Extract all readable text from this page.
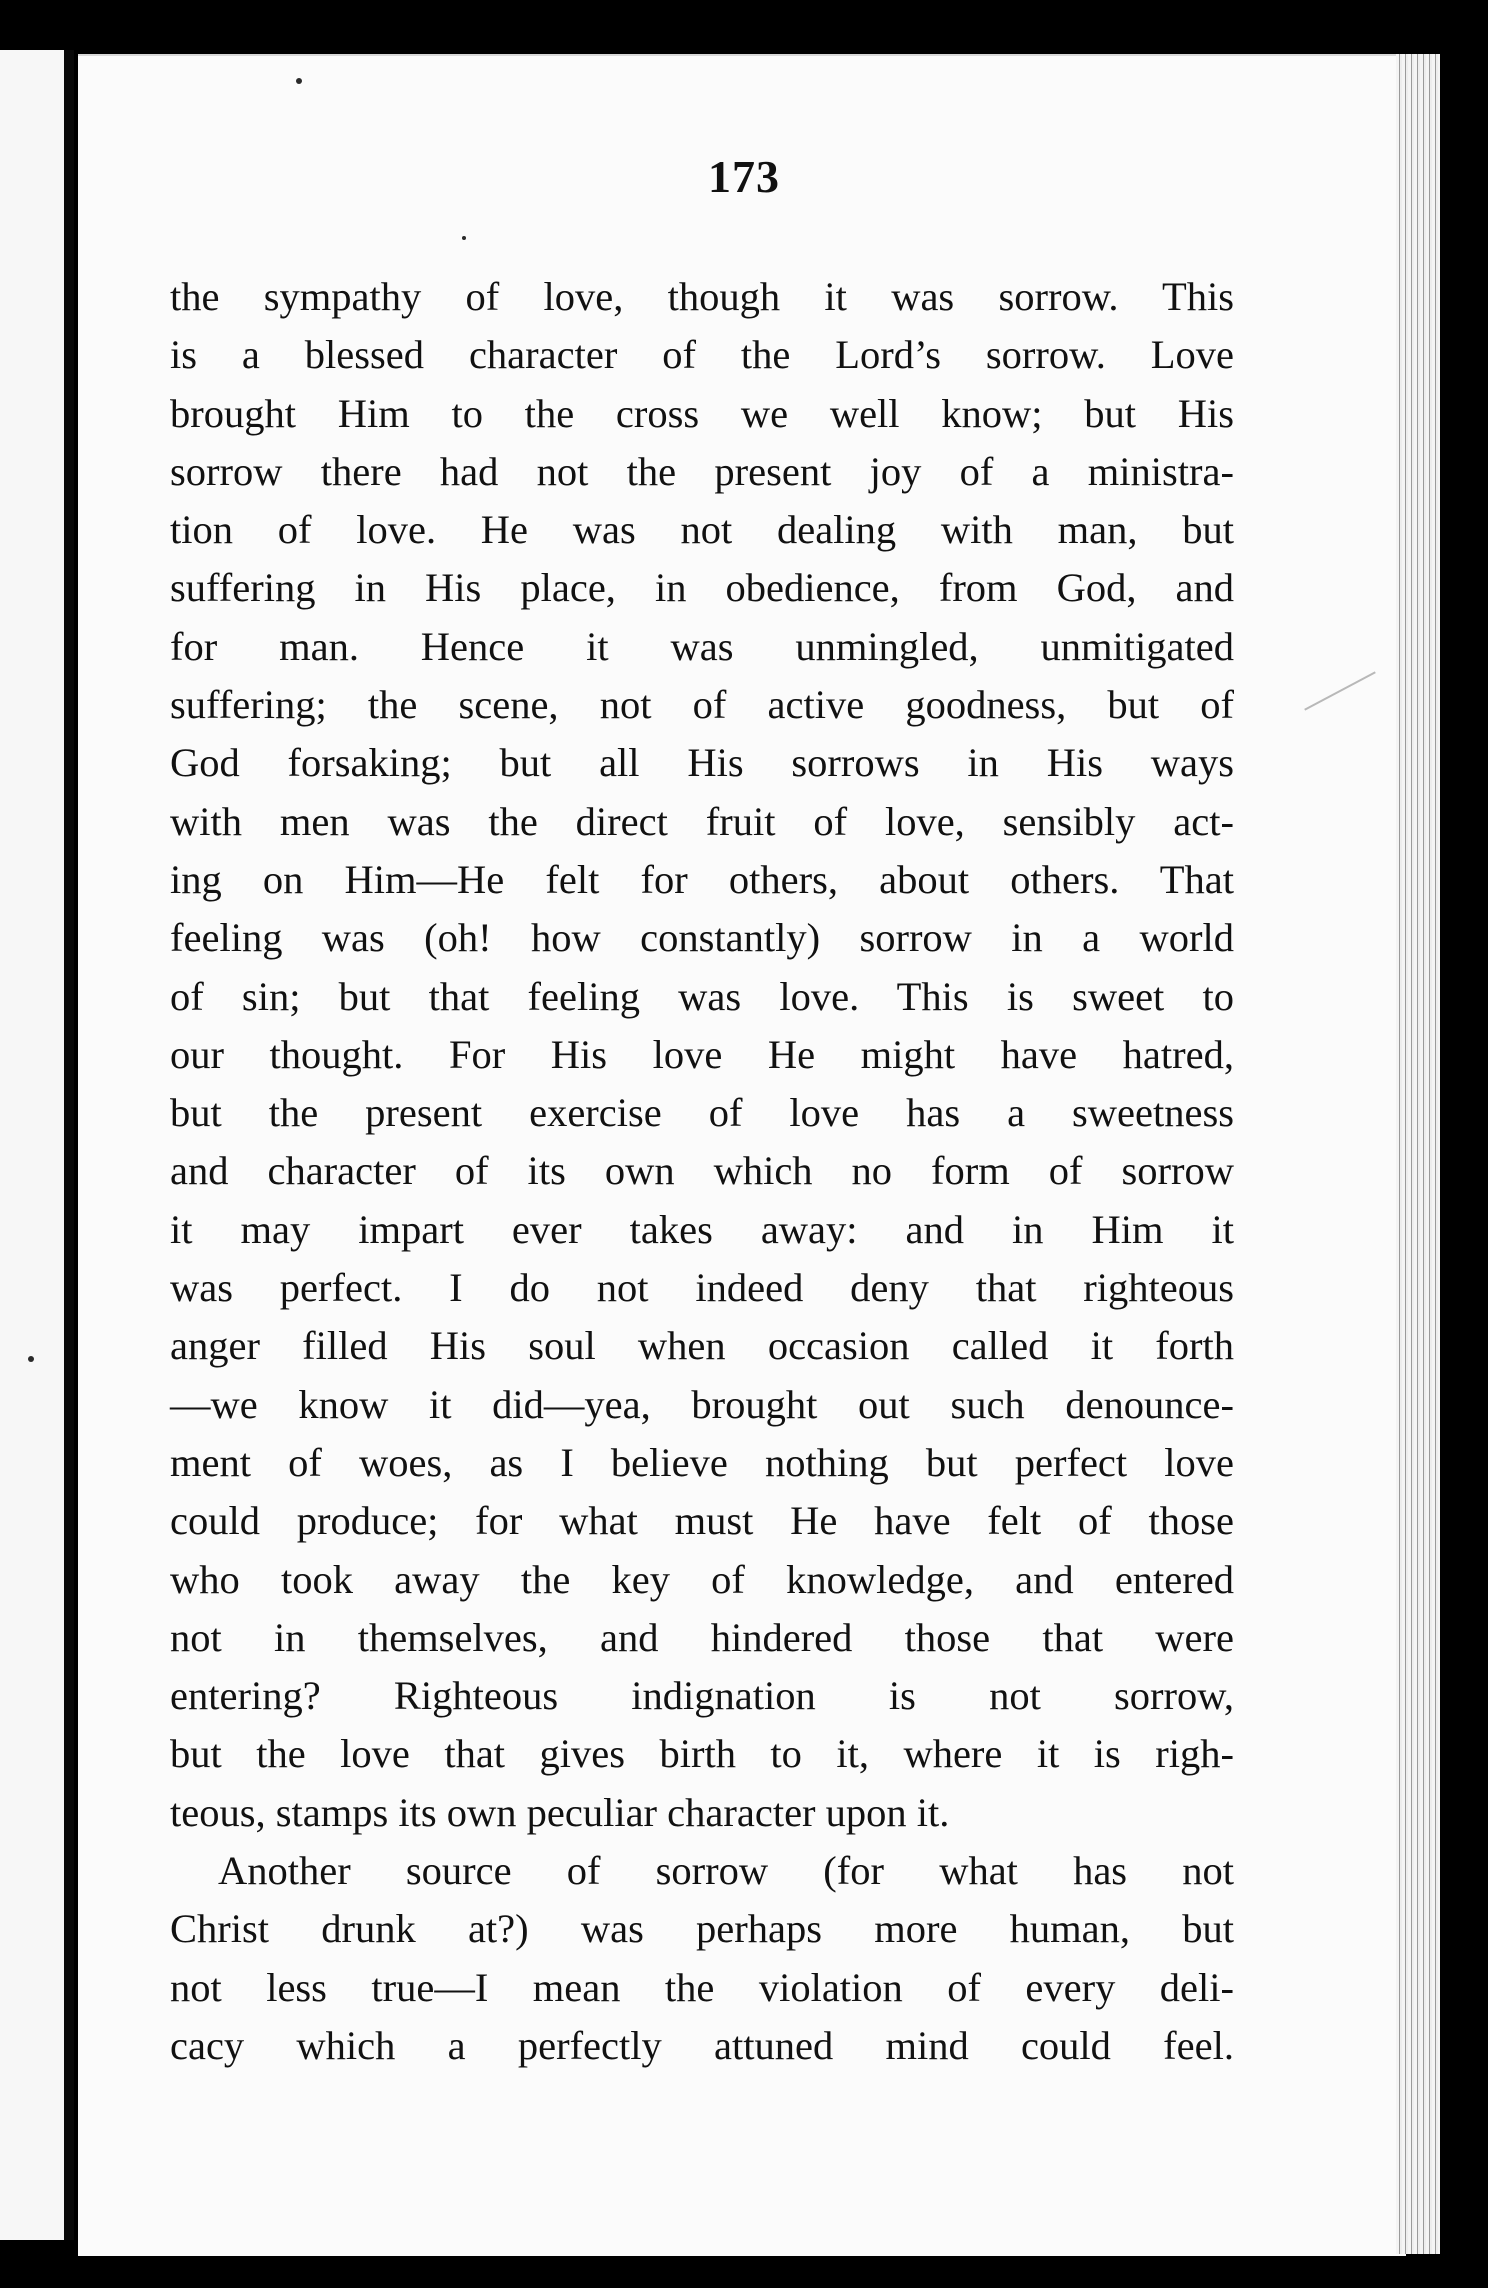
173
the sympathy of love, though it was sorrow. This
is a blessed character of the Lord’s sorrow. Love
brought Him to the cross we well know; but His
sorrow there had not the present joy of a ministra-
tion of love. He was not dealing with man, but
suffering in His place, in obedience, from God, and
for man. Hence it was unmingled, unmitigated
suffering; the scene, not of active goodness, but of
God forsaking; but all His sorrows in His ways
with men was the direct fruit of love, sensibly act-
ing on Him—He felt for others, about others. That
feeling was (oh! how constantly) sorrow in a world
of sin; but that feeling was love. This is sweet to
our thought. For His love He might have hatred,
but the present exercise of love has a sweetness
and character of its own which no form of sorrow
it may impart ever takes away: and in Him it
was perfect. I do not indeed deny that righteous
anger filled His soul when occasion called it forth
—we know it did—yea, brought out such denounce-
ment of woes, as I believe nothing but perfect love
could produce; for what must He have felt of those
who took away the key of knowledge, and entered
not in themselves, and hindered those that were
entering? Righteous indignation is not sorrow,
but the love that gives birth to it, where it is righ-
teous, stamps its own peculiar character upon it.
Another source of sorrow (for what has not
Christ drunk at?) was perhaps more human, but
not less true—I mean the violation of every deli-
cacy which a perfectly attuned mind could feel.
